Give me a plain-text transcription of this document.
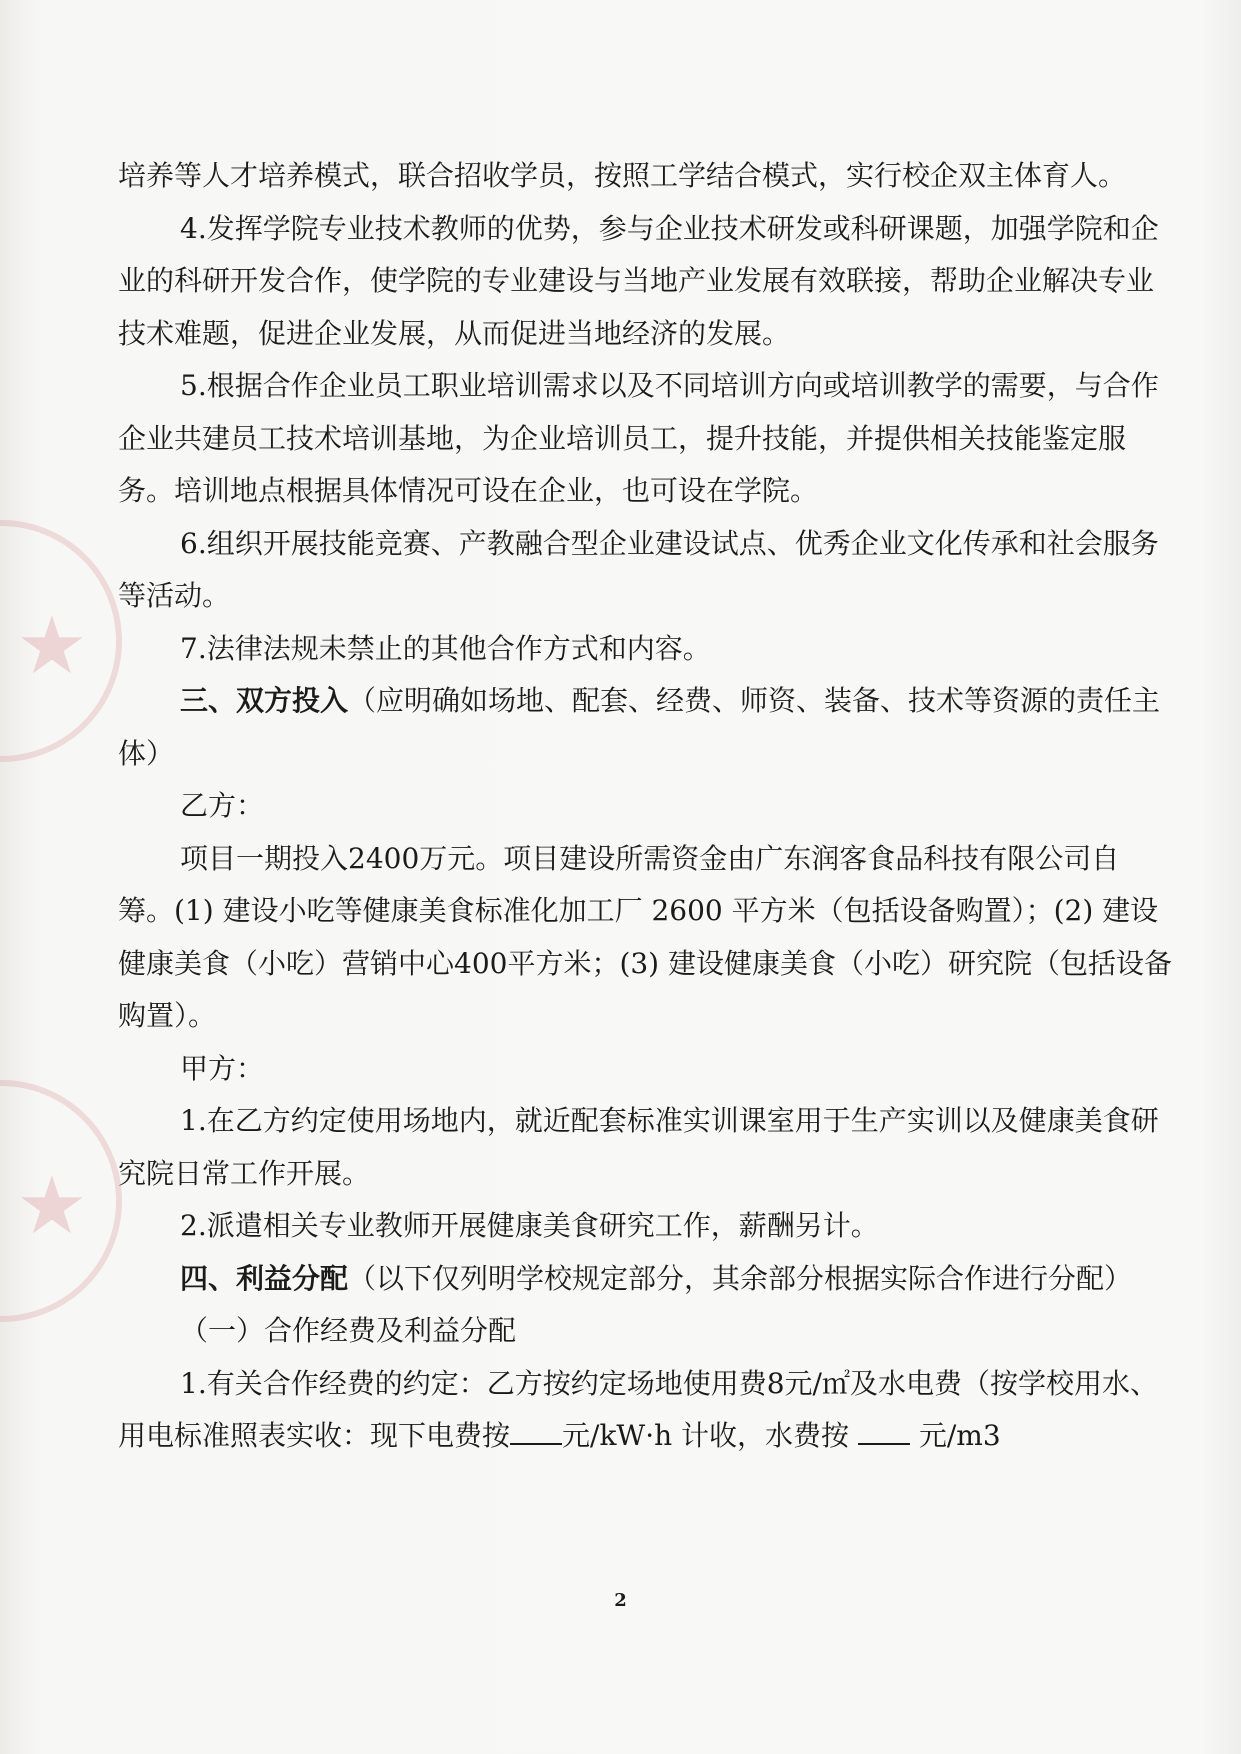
★
★

培养等人才培养模式，联合招收学员，按照工学结合模式，实行校企双主体育人。

4.发挥学院专业技术教师的优势，参与企业技术研发或科研课题，加强学院和企业的科研开发合作，使学院的专业建设与当地产业发展有效联接，帮助企业解决专业技术难题，促进企业发展，从而促进当地经济的发展。

5.根据合作企业员工职业培训需求以及不同培训方向或培训教学的需要，与合作企业共建员工技术培训基地，为企业培训员工，提升技能，并提供相关技能鉴定服务。培训地点根据具体情况可设在企业，也可设在学院。

6.组织开展技能竞赛、产教融合型企业建设试点、优秀企业文化传承和社会服务等活动。

7.法律法规未禁止的其他合作方式和内容。

三、双方投入（应明确如场地、配套、经费、师资、装备、技术等资源的责任主体）

乙方：

项目一期投入2400万元。项目建设所需资金由广东润客食品科技有限公司自筹。(1) 建设小吃等健康美食标准化加工厂 2600 平方米（包括设备购置）；(2) 建设健康美食（小吃）营销中心400平方米；(3) 建设健康美食（小吃）研究院（包括设备购置）。

甲方：

1.在乙方约定使用场地内，就近配套标准实训课室用于生产实训以及健康美食研究院日常工作开展。

2.派遣相关专业教师开展健康美食研究工作，薪酬另计。

四、利益分配（以下仅列明学校规定部分，其余部分根据实际合作进行分配）

（一）合作经费及利益分配

1.有关合作经费的约定：乙方按约定场地使用费8元/㎡及水电费（按学校用水、用电标准照表实收：现下电费按 元/kW·h 计收，水费按 元/m3

2
